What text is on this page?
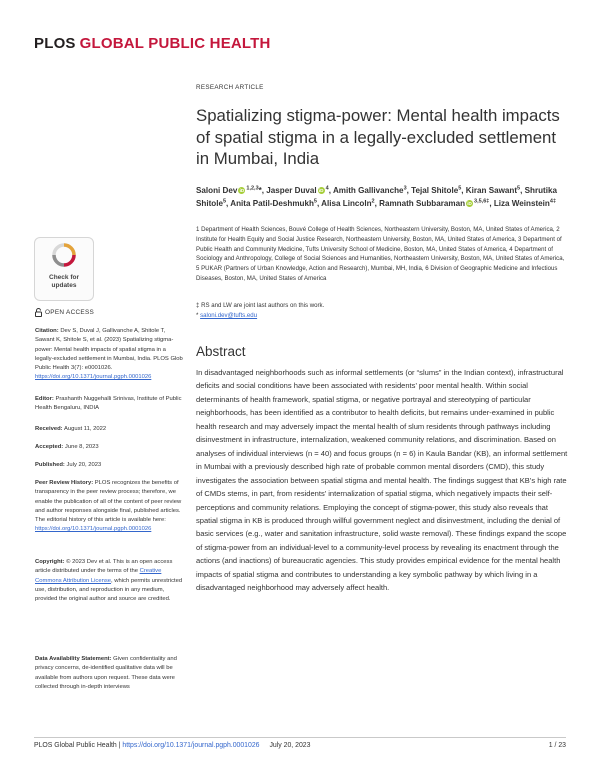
PLOS GLOBAL PUBLIC HEALTH
RESEARCH ARTICLE
Spatializing stigma-power: Mental health impacts of spatial stigma in a legally-excluded settlement in Mumbai, India
Saloni Dev iD $^{1,2,3}$*, Jasper Duval iD $^4$, Amith Gallivanche$^3$, Tejal Shitole$^5$, Kiran Sawant$^5$, Shrutika Shitole$^5$, Anita Patil-Deshmukh$^5$, Alisa Lincoln$^2$, Ramnath Subbaraman iD $^{3,5,6\ddagger}$, Liza Weinstein$^{4\ddagger}$
1 Department of Health Sciences, Bouvé College of Health Sciences, Northeastern University, Boston, MA, United States of America, 2 Institute for Health Equity and Social Justice Research, Northeastern University, Boston, MA, United States of America, 3 Department of Public Health and Community Medicine, Tufts University School of Medicine, Boston, MA, United States of America, 4 Department of Sociology and Anthropology, College of Social Sciences and Humanities, Northeastern University, Boston, MA, United States of America, 5 PUKAR (Partners of Urban Knowledge, Action and Research), Mumbai, MH, India, 6 Division of Geographic Medicine and Infectious Diseases, Boston, MA, United States of America
‡ RS and LW are joint last authors on this work.
* saloni.dev@tufts.edu
Abstract
In disadvantaged neighborhoods such as informal settlements (or “slums” in the Indian context), infrastructural deficits and social conditions have been associated with residents’ poor mental health. Within social determinants of health framework, spatial stigma, or negative portrayal and stereotyping of particular neighborhoods, has been identified as a contributor to health deficits, but remains under-examined in public health research and may adversely impact the mental health of slum residents through pathways including disinvestment in infrastructure, internalization, weakened community relations, and discrimination. Based on analyses of individual interviews (n = 40) and focus groups (n = 6) in Kaula Bandar (KB), an informal settlement in Mumbai with a previously described high rate of probable common mental disorders (CMD), this study investigates the association between spatial stigma and mental health. The findings suggest that KB’s high rate of CMDs stems, in part, from residents’ internalization of spatial stigma, which negatively impacts their self-perceptions and community relations. Employing the concept of stigma-power, this study also reveals that spatial stigma in KB is produced through willful government neglect and disinvestment, including the denial of basic services (e.g., water and sanitation infrastructure, solid waste removal). These findings expand the scope of stigma-power from an individual-level to a community-level process by revealing its enactment through the actions (and inactions) of bureaucratic agencies. This study provides empirical evidence for the mental health impacts of spatial stigma and contributes to understanding a key symbolic pathway by which living in a disadvantaged neighborhood may adversely affect health.
Check for
updates
OPEN ACCESS
Citation: Dev S, Duval J, Gallivanche A, Shitole T, Sawant K, Shitole S, et al. (2023) Spatializing stigma-power: Mental health impacts of spatial stigma in a legally-excluded settlement in Mumbai, India. PLOS Glob Public Health 3(7): e0001026. https://doi.org/10.1371/journal.pgph.0001026
Editor: Prashanth Nuggehalli Srinivas, Institute of Public Health Bengaluru, INDIA
Received: August 11, 2022
Accepted: June 8, 2023
Published: July 20, 2023
Peer Review History: PLOS recognizes the benefits of transparency in the peer review process; therefore, we enable the publication of all of the content of peer review and author responses alongside final, published articles. The editorial history of this article is available here: https://doi.org/10.1371/journal.pgph.0001026
Copyright: © 2023 Dev et al. This is an open access article distributed under the terms of the Creative Commons Attribution License, which permits unrestricted use, distribution, and reproduction in any medium, provided the original author and source are credited.
Data Availability Statement: Given confidentiality and privacy concerns, de-identified qualitative data will be available from authors upon request. These data were collected through in-depth interviews
PLOS Global Public Health | https://doi.org/10.1371/journal.pgph.0001026 July 20, 2023	1 / 23
